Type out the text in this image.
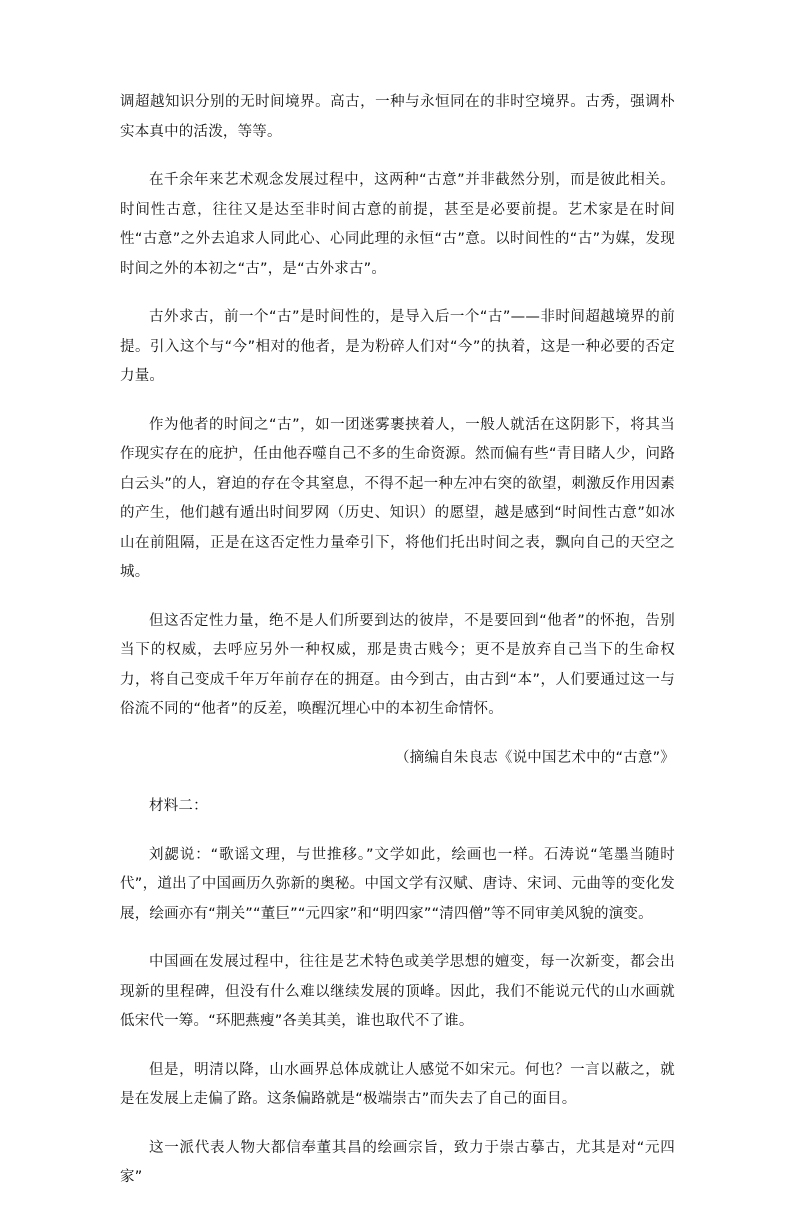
调超越知识分别的无时间境界。高古，一种与永恒同在的非时空境界。古秀，强调朴实本真中的活泼，等等。

在千余年来艺术观念发展过程中，这两种“古意”并非截然分别，而是彼此相关。时间性古意，往往又是达至非时间古意的前提，甚至是必要前提。艺术家是在时间性“古意”之外去追求人同此心、心同此理的永恒“古”意。以时间性的“古”为媒，发现时间之外的本初之“古”，是“古外求古”。

古外求古，前一个“古”是时间性的，是导入后一个“古”——非时间超越境界的前提。引入这个与“今”相对的他者，是为粉碎人们对“今”的执着，这是一种必要的否定力量。

作为他者的时间之“古”，如一团迷雾裹挟着人，一般人就活在这阴影下，将其当作现实存在的庇护，任由他吞噬自己不多的生命资源。然而偏有些“青目睹人少，问路白云头”的人，窘迫的存在令其窒息，不得不起一种左冲右突的欲望，刺激反作用因素的产生，他们越有遁出时间罗网（历史、知识）的愿望，越是感到“时间性古意”如冰山在前阻隔，正是在这否定性力量牵引下，将他们托出时间之表，飘向自己的天空之城。

但这否定性力量，绝不是人们所要到达的彼岸，不是要回到“他者”的怀抱，告别当下的权威，去呼应另外一种权威，那是贵古贱今；更不是放弃自己当下的生命权力，将自己变成千年万年前存在的拥趸。由今到古，由古到“本”，人们要通过这一与俗流不同的“他者”的反差，唤醒沉埋心中的本初生命情怀。

（摘编自朱良志《说中国艺术中的“古意”》

材料二：

刘勰说：“歌谣文理，与世推移。”文学如此，绘画也一样。石涛说“笔墨当随时代”，道出了中国画历久弥新的奥秘。中国文学有汉赋、唐诗、宋词、元曲等的变化发展，绘画亦有“荆关”“董巨”“元四家”和“明四家”“清四僧”等不同审美风貌的演变。

中国画在发展过程中，往往是艺术特色或美学思想的嬗变，每一次新变，都会出现新的里程碑，但没有什么难以继续发展的顶峰。因此，我们不能说元代的山水画就低宋代一筹。“环肥燕瘦”各美其美，谁也取代不了谁。

但是，明清以降，山水画界总体成就让人感觉不如宋元。何也？一言以蔽之，就是在发展上走偏了路。这条偏路就是“极端崇古”而失去了自己的面目。

这一派代表人物大都信奉董其昌的绘画宗旨，致力于崇古摹古，尤其是对“元四家”
